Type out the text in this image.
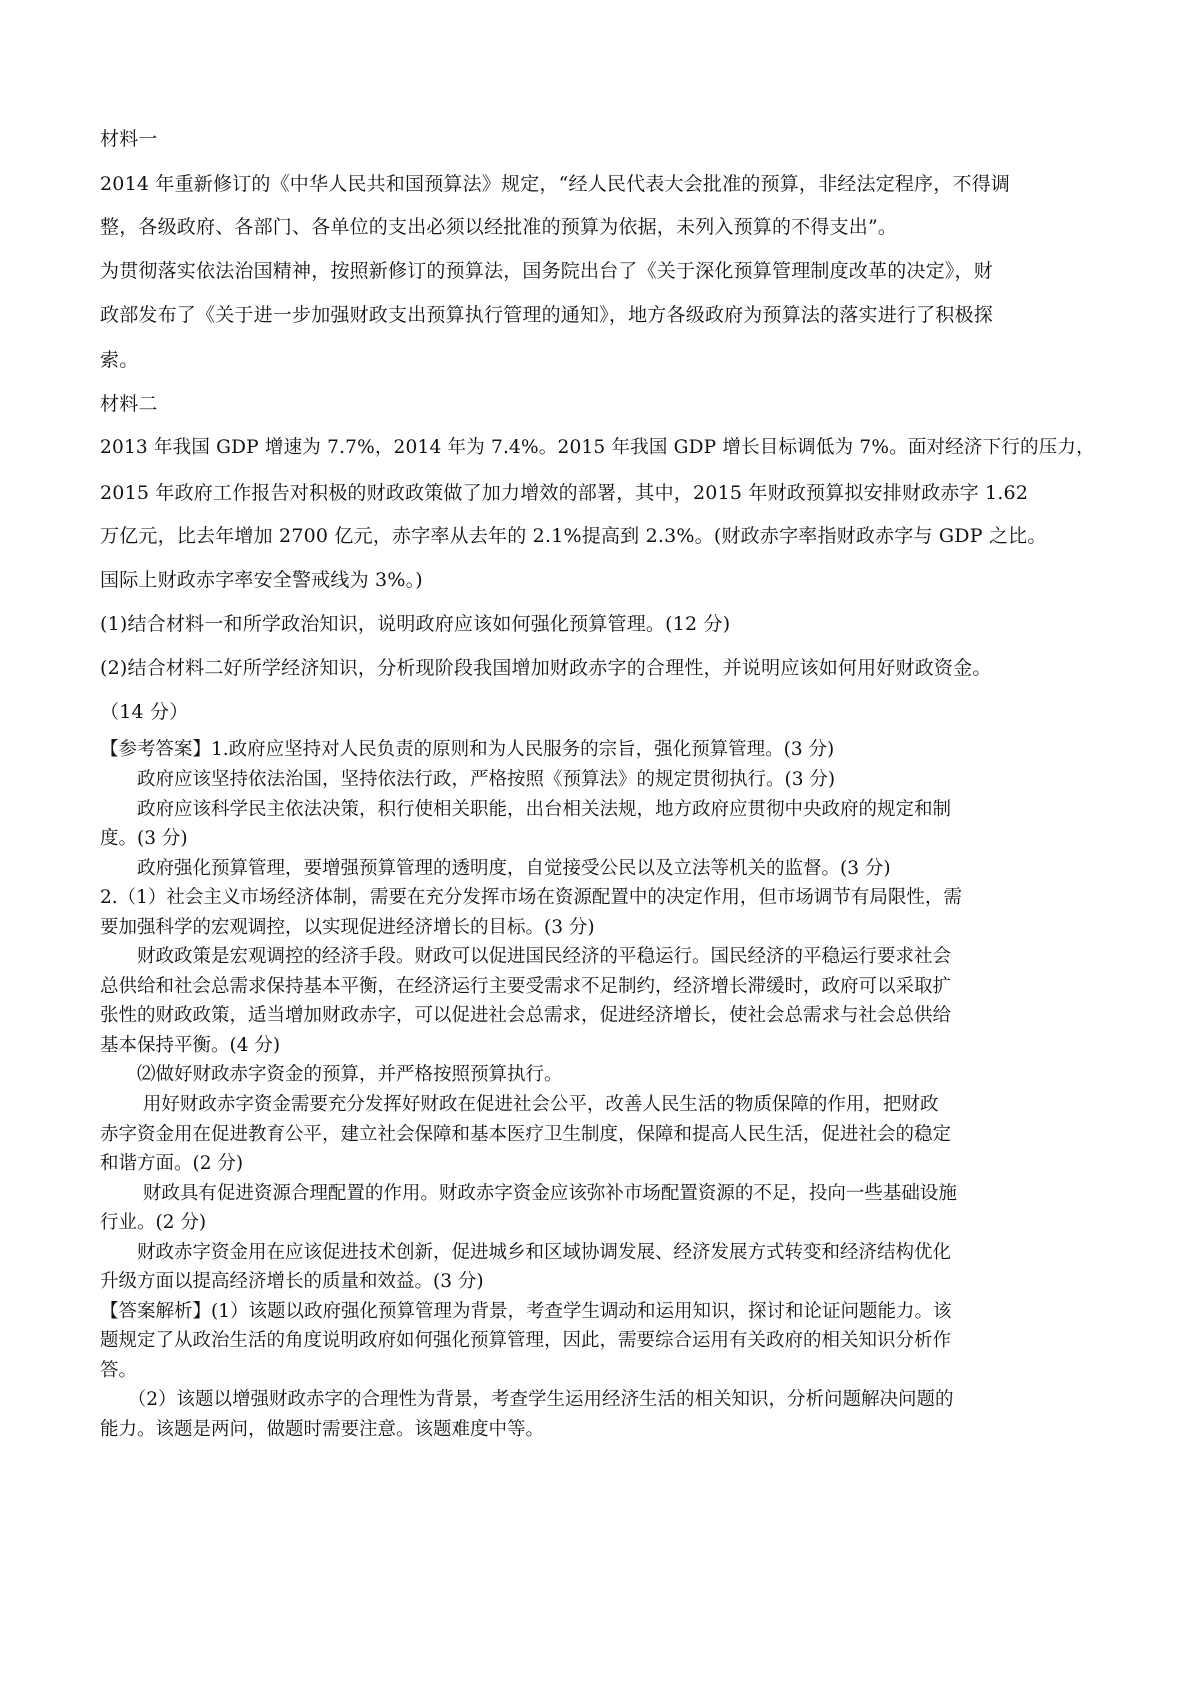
材料一
2014 年重新修订的《中华人民共和国预算法》规定，“经人民代表大会批准的预算，非经法定程序，不得调
整，各级政府、各部门、各单位的支出必须以经批准的预算为依据，未列入预算的不得支出”。
为贯彻落实依法治国精神，按照新修订的预算法，国务院出台了《关于深化预算管理制度改革的决定》，财
政部发布了《关于进一步加强财政支出预算执行管理的通知》，地方各级政府为预算法的落实进行了积极探
索。
材料二
2013 年我国 GDP 增速为 7.7%，2014 年为 7.4%。2015 年我国 GDP 增长目标调低为 7%。面对经济下行的压力，
2015 年政府工作报告对积极的财政政策做了加力增效的部署，其中，2015 年财政预算拟安排财政赤字 1.62
万亿元，比去年增加 2700 亿元，赤字率从去年的 2.1%提高到 2.3%。(财政赤字率指财政赤字与 GDP 之比。
国际上财政赤字率安全警戒线为 3%。)
(1)结合材料一和所学政治知识，说明政府应该如何强化预算管理。(12 分)
(2)结合材料二好所学经济知识，分析现阶段我国增加财政赤字的合理性，并说明应该如何用好财政资金。
（14 分）
【参考答案】1.政府应坚持对人民负责的原则和为人民服务的宗旨，强化预算管理。(3 分)
　　政府应该坚持依法治国，坚持依法行政，严格按照《预算法》的规定贯彻执行。(3 分)
　　政府应该科学民主依法决策，积行使相关职能，出台相关法规，地方政府应贯彻中央政府的规定和制
度。(3 分)
　　政府强化预算管理，要增强预算管理的透明度，自觉接受公民以及立法等机关的监督。(3 分)
2.（1）社会主义市场经济体制，需要在充分发挥市场在资源配置中的决定作用，但市场调节有局限性，需
要加强科学的宏观调控，以实现促进经济增长的目标。(3 分)
　　财政政策是宏观调控的经济手段。财政可以促进国民经济的平稳运行。国民经济的平稳运行要求社会
总供给和社会总需求保持基本平衡，在经济运行主要受需求不足制约，经济增长滞缓时，政府可以采取扩
张性的财政政策，适当增加财政赤字，可以促进社会总需求，促进经济增长，使社会总需求与社会总供给
基本保持平衡。(4 分)
　　⑵做好财政赤字资金的预算，并严格按照预算执行。
　　 用好财政赤字资金需要充分发挥好财政在促进社会公平，改善人民生活的物质保障的作用，把财政
赤字资金用在促进教育公平，建立社会保障和基本医疗卫生制度，保障和提高人民生活，促进社会的稳定
和谐方面。(2 分)
　　 财政具有促进资源合理配置的作用。财政赤字资金应该弥补市场配置资源的不足，投向一些基础设施
行业。(2 分)
　　财政赤字资金用在应该促进技术创新，促进城乡和区域协调发展、经济发展方式转变和经济结构优化
升级方面以提高经济增长的质量和效益。(3 分)
【答案解析】(1）该题以政府强化预算管理为背景，考查学生调动和运用知识，探讨和论证问题能力。该
题规定了从政治生活的角度说明政府如何强化预算管理，因此，需要综合运用有关政府的相关知识分析作
答。
　　（2）该题以增强财政赤字的合理性为背景，考查学生运用经济生活的相关知识，分析问题解决问题的
能力。该题是两问，做题时需要注意。该题难度中等。
